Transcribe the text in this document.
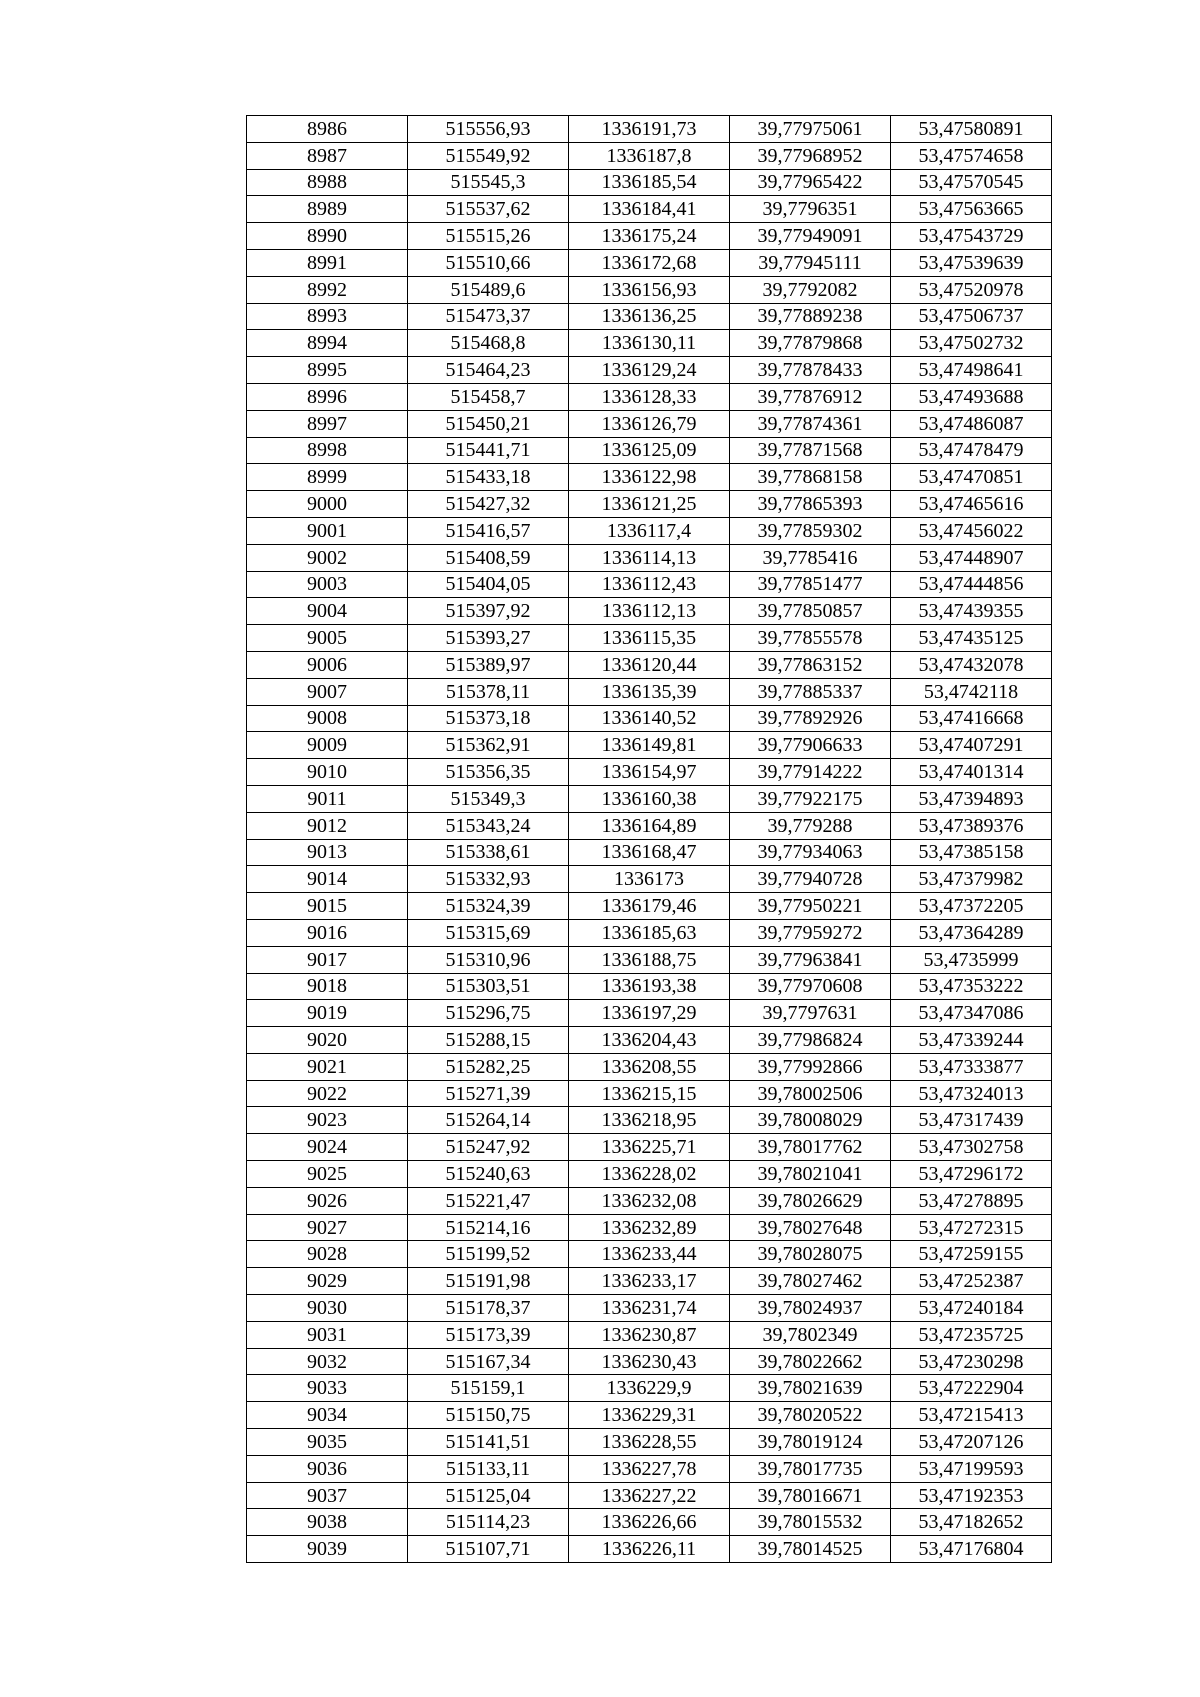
8986	515556,93	1336191,73	39,77975061	53,47580891
8987	515549,92	1336187,8	39,77968952	53,47574658
8988	515545,3	1336185,54	39,77965422	53,47570545
8989	515537,62	1336184,41	39,7796351	53,47563665
8990	515515,26	1336175,24	39,77949091	53,47543729
8991	515510,66	1336172,68	39,77945111	53,47539639
8992	515489,6	1336156,93	39,7792082	53,47520978
8993	515473,37	1336136,25	39,77889238	53,47506737
8994	515468,8	1336130,11	39,77879868	53,47502732
8995	515464,23	1336129,24	39,77878433	53,47498641
8996	515458,7	1336128,33	39,77876912	53,47493688
8997	515450,21	1336126,79	39,77874361	53,47486087
8998	515441,71	1336125,09	39,77871568	53,47478479
8999	515433,18	1336122,98	39,77868158	53,47470851
9000	515427,32	1336121,25	39,77865393	53,47465616
9001	515416,57	1336117,4	39,77859302	53,47456022
9002	515408,59	1336114,13	39,7785416	53,47448907
9003	515404,05	1336112,43	39,77851477	53,47444856
9004	515397,92	1336112,13	39,77850857	53,47439355
9005	515393,27	1336115,35	39,77855578	53,47435125
9006	515389,97	1336120,44	39,77863152	53,47432078
9007	515378,11	1336135,39	39,77885337	53,4742118
9008	515373,18	1336140,52	39,77892926	53,47416668
9009	515362,91	1336149,81	39,77906633	53,47407291
9010	515356,35	1336154,97	39,77914222	53,47401314
9011	515349,3	1336160,38	39,77922175	53,47394893
9012	515343,24	1336164,89	39,779288	53,47389376
9013	515338,61	1336168,47	39,77934063	53,47385158
9014	515332,93	1336173	39,77940728	53,47379982
9015	515324,39	1336179,46	39,77950221	53,47372205
9016	515315,69	1336185,63	39,77959272	53,47364289
9017	515310,96	1336188,75	39,77963841	53,4735999
9018	515303,51	1336193,38	39,77970608	53,47353222
9019	515296,75	1336197,29	39,7797631	53,47347086
9020	515288,15	1336204,43	39,77986824	53,47339244
9021	515282,25	1336208,55	39,77992866	53,47333877
9022	515271,39	1336215,15	39,78002506	53,47324013
9023	515264,14	1336218,95	39,78008029	53,47317439
9024	515247,92	1336225,71	39,78017762	53,47302758
9025	515240,63	1336228,02	39,78021041	53,47296172
9026	515221,47	1336232,08	39,78026629	53,47278895
9027	515214,16	1336232,89	39,78027648	53,47272315
9028	515199,52	1336233,44	39,78028075	53,47259155
9029	515191,98	1336233,17	39,78027462	53,47252387
9030	515178,37	1336231,74	39,78024937	53,47240184
9031	515173,39	1336230,87	39,7802349	53,47235725
9032	515167,34	1336230,43	39,78022662	53,47230298
9033	515159,1	1336229,9	39,78021639	53,47222904
9034	515150,75	1336229,31	39,78020522	53,47215413
9035	515141,51	1336228,55	39,78019124	53,47207126
9036	515133,11	1336227,78	39,78017735	53,47199593
9037	515125,04	1336227,22	39,78016671	53,47192353
9038	515114,23	1336226,66	39,78015532	53,47182652
9039	515107,71	1336226,11	39,78014525	53,47176804
